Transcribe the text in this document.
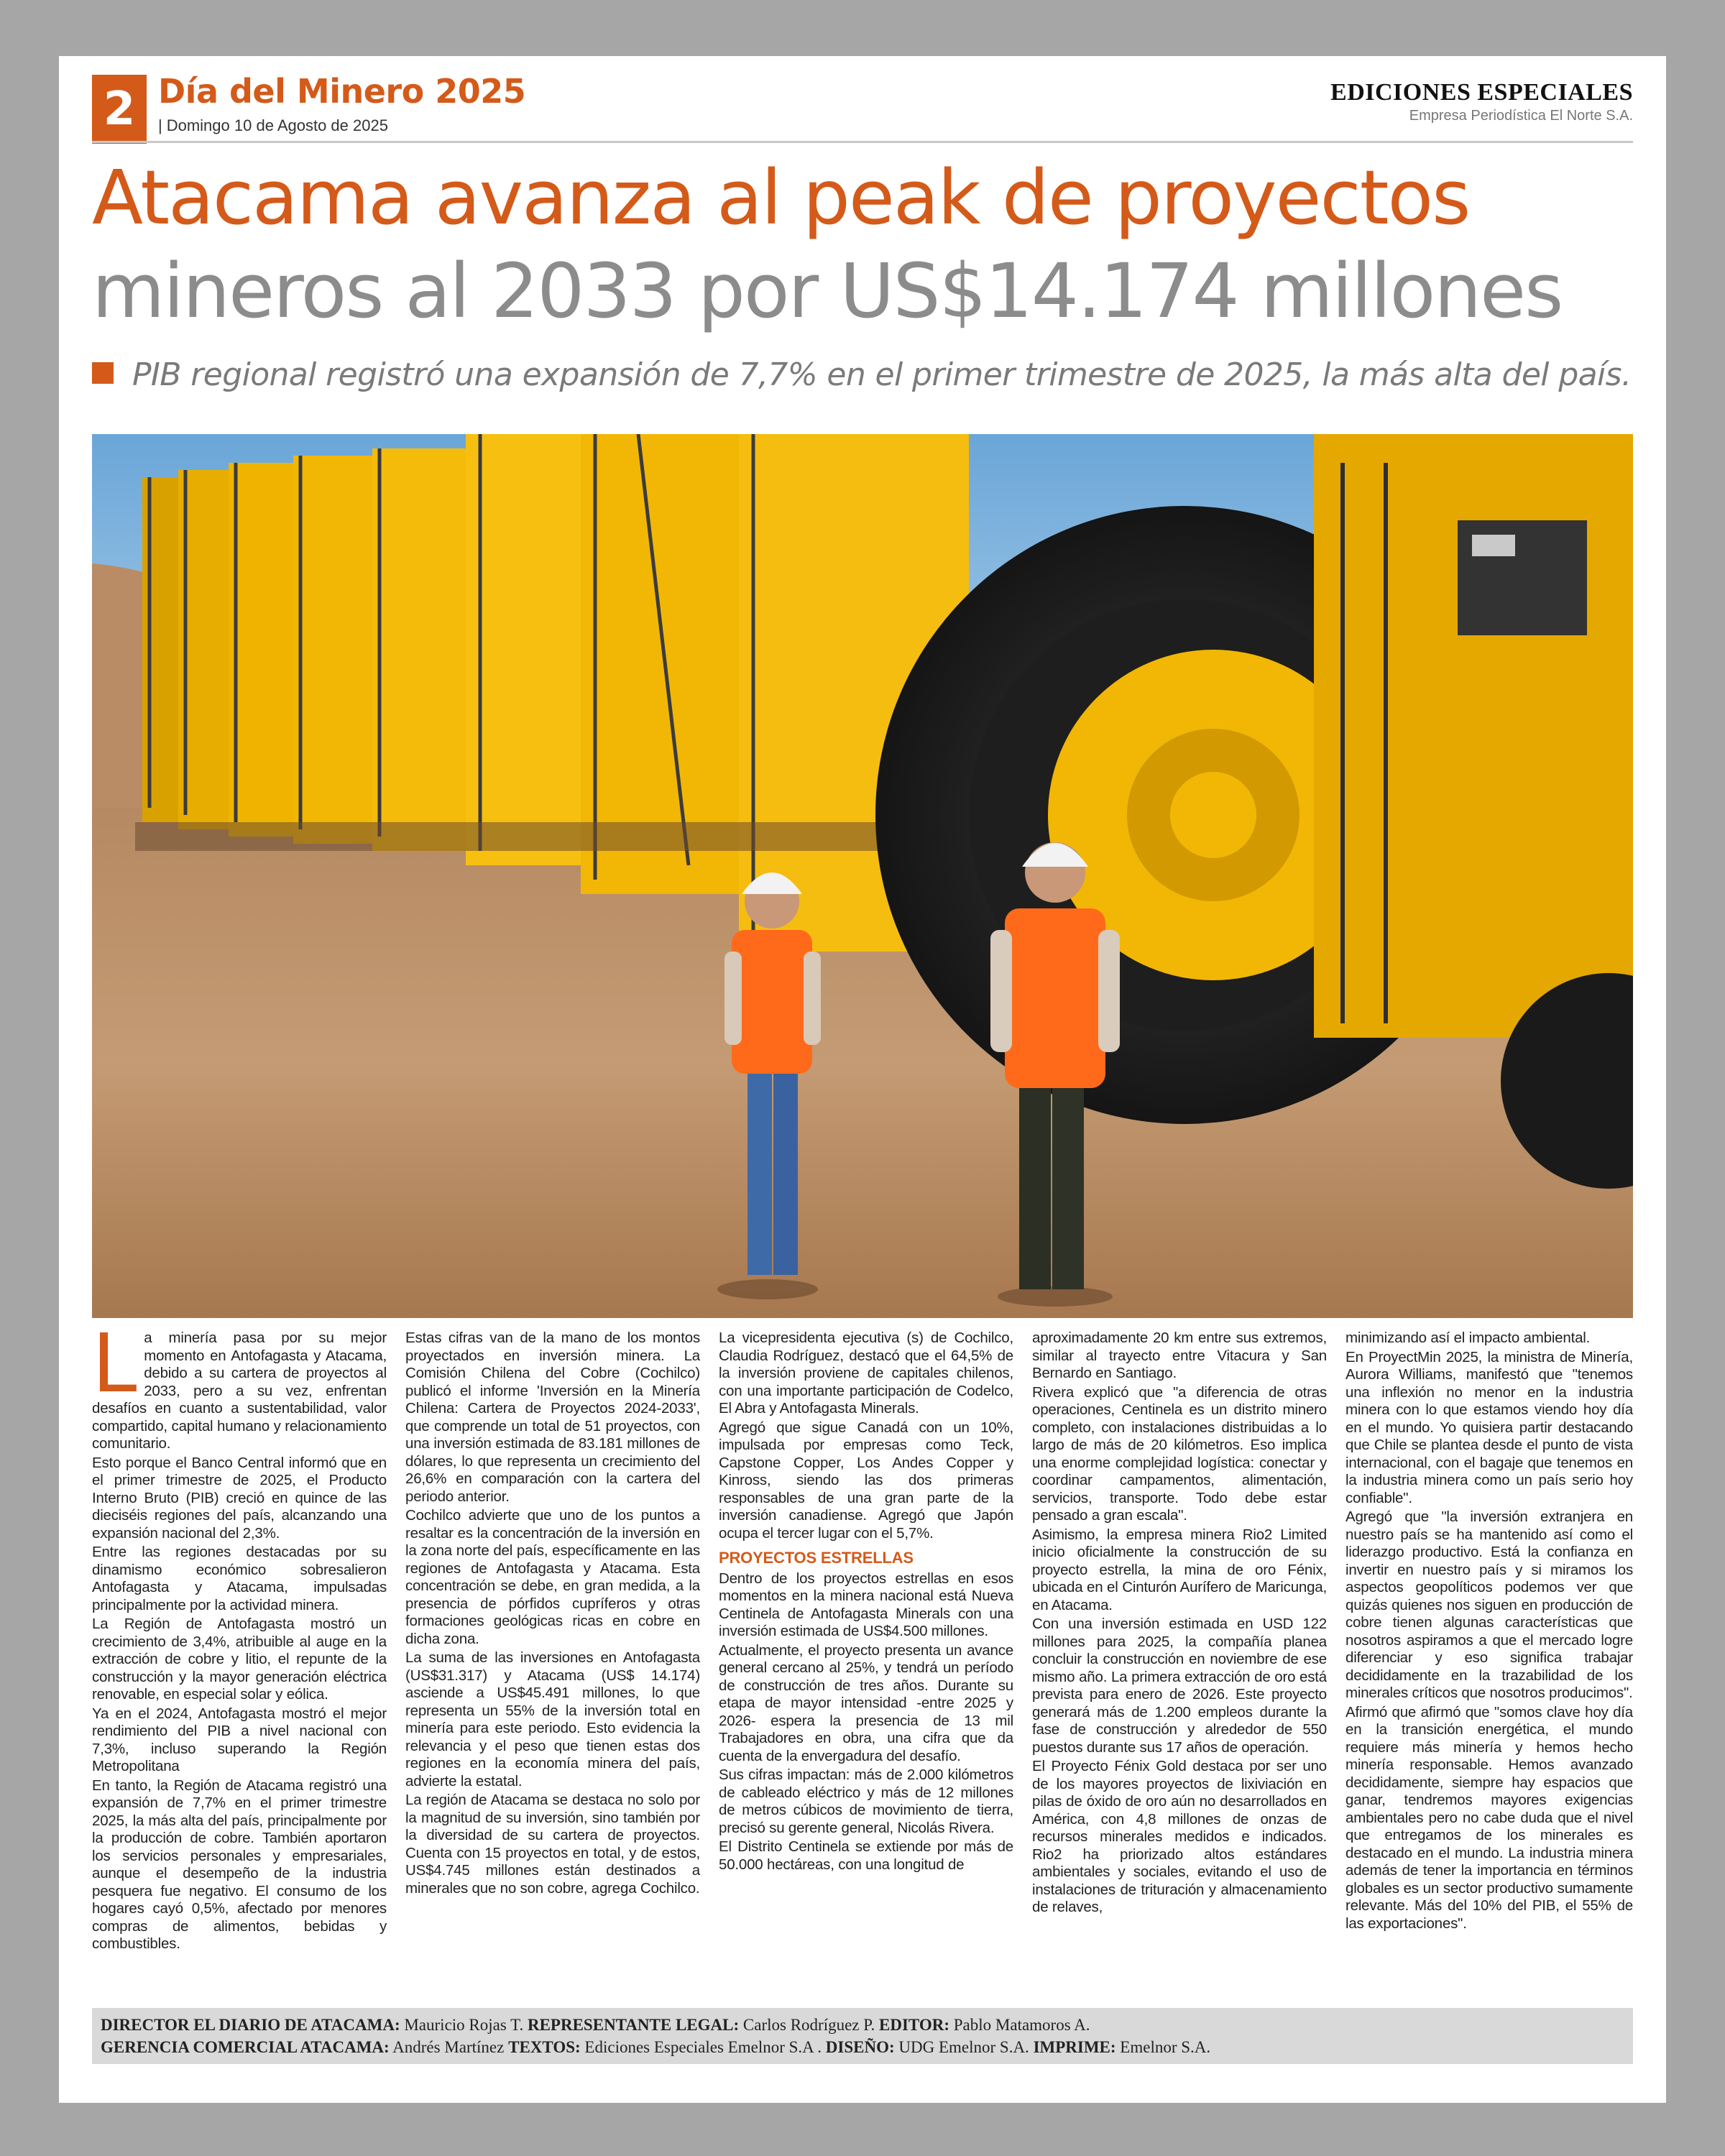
2 Día del Minero 2025
| Domingo 10 de Agosto de 2025
EDICIONES ESPECIALES
Empresa Periodística El Norte S.A.
Atacama avanza al peak de proyectos
mineros al 2033 por US$14.174 millones
PIB regional registró una expansión de 7,7% en el primer trimestre de 2025, la más alta del país.
L a minería pasa por su mejor momento en Antofagasta y Atacama, debido a su cartera de proyectos al 2033, pero a su vez, enfrentan desafíos en cuanto a sustentabilidad, valor compartido, capital humano y relacionamiento comunitario.

Esto porque el Banco Central informó que en el primer trimestre de 2025, el Producto Interno Bruto (PIB) creció en quince de las dieciséis regiones del país, alcanzando una expansión nacional del 2,3%.

Entre las regiones destacadas por su dinamismo económico sobresalieron Antofagasta y Atacama, impulsadas principalmente por la actividad minera.

La Región de Antofagasta mostró un crecimiento de 3,4%, atribuible al auge en la extracción de cobre y litio, el repunte de la construcción y la mayor generación eléctrica renovable, en especial solar y eólica.

Ya en el 2024, Antofagasta mostró el mejor rendimiento del PIB a nivel nacional con 7,3%, incluso superando la Región Metropolitana

En tanto, la Región de Atacama registró una expansión de 7,7% en el primer trimestre 2025, la más alta del país, principalmente por la producción de cobre. También aportaron los servicios personales y empresariales, aunque el desempeño de la industria pesquera fue negativo. El consumo de los hogares cayó 0,5%, afectado por menores compras de alimentos, bebidas y combustibles.

Estas cifras van de la mano de los montos proyectados en inversión minera. La Comisión Chilena del Cobre (Cochilco) publicó el informe 'Inversión en la Minería Chilena: Cartera de Proyectos 2024-2033', que comprende un total de 51 proyectos, con una inversión estimada de 83.181 millones de dólares, lo que representa un crecimiento del 26,6% en comparación con la cartera del periodo anterior.

Cochilco advierte que uno de los puntos a resaltar es la concentración de la inversión en la zona norte del país, específicamente en las regiones de Antofagasta y Atacama. Esta concentración se debe, en gran medida, a la presencia de pórfidos cupríferos y otras formaciones geológicas ricas en cobre en dicha zona.

La suma de las inversiones en Antofagasta (US$31.317) y Atacama (US$ 14.174) asciende a US$45.491 millones, lo que representa un 55% de la inversión total en minería para este periodo. Esto evidencia la relevancia y el peso que tienen estas dos regiones en la economía minera del país, advierte la estatal.

La región de Atacama se destaca no solo por la magnitud de su inversión, sino también por la diversidad de su cartera de proyectos. Cuenta con 15 proyectos en total, y de estos, US$4.745 millones están destinados a minerales que no son cobre, agrega Cochilco.

La vicepresidenta ejecutiva (s) de Cochilco, Claudia Rodríguez, destacó que el 64,5% de la inversión proviene de capitales chilenos, con una importante participación de Codelco, El Abra y Antofagasta Minerals.

Agregó que sigue Canadá con un 10%, impulsada por empresas como Teck, Capstone Copper, Los Andes Copper y Kinross, siendo las dos primeras responsables de una gran parte de la inversión canadiense. Agregó que Japón ocupa el tercer lugar con el 5,7%.

PROYECTOS ESTRELLAS

Dentro de los proyectos estrellas en esos momentos en la minera nacional está Nueva Centinela de Antofagasta Minerals con una inversión estimada de US$4.500 millones.

Actualmente, el proyecto presenta un avance general cercano al 25%, y tendrá un período de construcción de tres años. Durante su etapa de mayor intensidad -entre 2025 y 2026- espera la presencia de 13 mil Trabajadores en obra, una cifra que da cuenta de la envergadura del desafío.

Sus cifras impactan: más de 2.000 kilómetros de cableado eléctrico y más de 12 millones de metros cúbicos de movimiento de tierra, precisó su gerente general, Nicolás Rivera.

El Distrito Centinela se extiende por más de 50.000 hectáreas, con una longitud de

aproximadamente 20 km entre sus extremos, similar al trayecto entre Vitacura y San Bernardo en Santiago.

Rivera explicó que "a diferencia de otras operaciones, Centinela es un distrito minero completo, con instalaciones distribuidas a lo largo de más de 20 kilómetros. Eso implica una enorme complejidad logística: conectar y coordinar campamentos, alimentación, servicios, transporte. Todo debe estar pensado a gran escala".

Asimismo, la empresa minera Rio2 Limited inicio oficialmente la construcción de su proyecto estrella, la mina de oro Fénix, ubicada en el Cinturón Aurífero de Maricunga, en Atacama.

Con una inversión estimada en USD 122 millones para 2025, la compañía planea concluir la construcción en noviembre de ese mismo año. La primera extracción de oro está prevista para enero de 2026. Este proyecto generará más de 1.200 empleos durante la fase de construcción y alrededor de 550 puestos durante sus 17 años de operación.

El Proyecto Fénix Gold destaca por ser uno de los mayores proyectos de lixiviación en pilas de óxido de oro aún no desarrollados en América, con 4,8 millones de onzas de recursos minerales medidos e indicados. Rio2 ha priorizado altos estándares ambientales y sociales, evitando el uso de instalaciones de trituración y almacenamiento de relaves,

minimizando así el impacto ambiental.

En ProyectMin 2025, la ministra de Minería, Aurora Williams, manifestó que "tenemos una inflexión no menor en la industria minera con lo que estamos viendo hoy día en el mundo. Yo quisiera partir destacando que Chile se plantea desde el punto de vista internacional, con el bagaje que tenemos en la industria minera como un país serio hoy confiable".

Agregó que "la inversión extranjera en nuestro país se ha mantenido así como el liderazgo productivo. Está la confianza en invertir en nuestro país y si miramos los aspectos geopolíticos podemos ver que quizás quienes nos siguen en producción de cobre tienen algunas características que nosotros aspiramos a que el mercado logre diferenciar y eso significa trabajar decididamente en la trazabilidad de los minerales críticos que nosotros producimos".

Afirmó que afirmó que "somos clave hoy día en la transición energética, el mundo requiere más minería y hemos hecho minería responsable. Hemos avanzado decididamente, siempre hay espacios que ganar, tendremos mayores exigencias ambientales pero no cabe duda que el nivel que entregamos de los minerales es destacado en el mundo. La industria minera además de tener la importancia en términos globales es un sector productivo sumamente relevante. Más del 10% del PIB, el 55% de las exportaciones".

DIRECTOR EL DIARIO DE ATACAMA: Mauricio Rojas T. REPRESENTANTE LEGAL: Carlos Rodríguez P. EDITOR: Pablo Matamoros A.
GERENCIA COMERCIAL ATACAMA: Andrés Martínez TEXTOS: Ediciones Especiales Emelnor S.A . DISEÑO: UDG Emelnor S.A. IMPRIME: Emelnor S.A.
